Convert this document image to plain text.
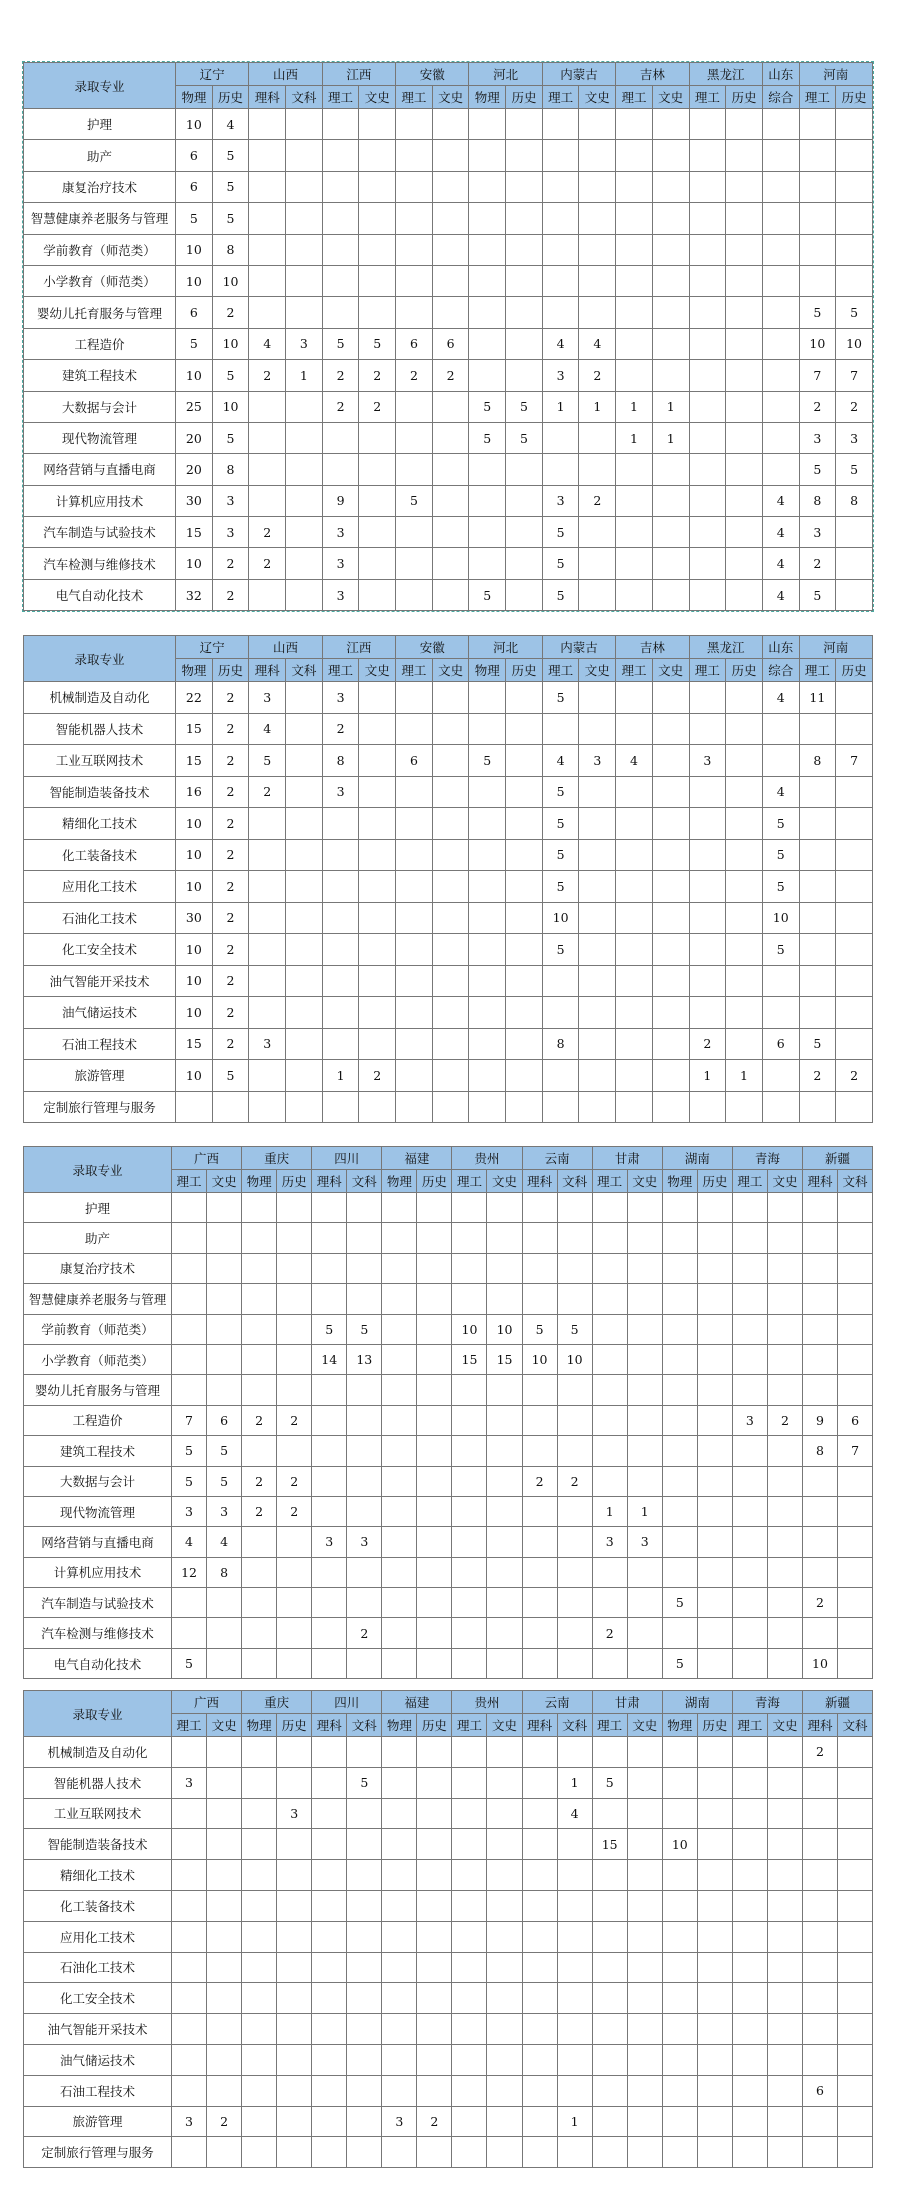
录取专业	辽宁		山西		江西		安徽		河北		内蒙古		吉林		黑龙江		山东	河南	
	物理	历史	理科	文科	理工	文史	理工	文史	物理	历史	理工	文史	理工	文史	理工	历史	综合	理工	历史
护理	10	4																	
助产	6	5																	
康复治疗技术	6	5																	
智慧健康养老服务与管理	5	5																	
学前教育（师范类）	10	8																	
小学教育（师范类）	10	10																	
婴幼儿托育服务与管理	6	2																5	5
工程造价	5	10	4	3	5	5	6	6			4	4						10	10
建筑工程技术	10	5	2	1	2	2	2	2			3	2						7	7
大数据与会计	25	10			2	2			5	5	1	1	1	1				2	2
现代物流管理	20	5							5	5			1	1				3	3
网络营销与直播电商	20	8																5	5
计算机应用技术	30	3			9		5				3	2					4	8	8
汽车制造与试验技术	15	3	2		3						5						4	3	
汽车检测与维修技术	10	2	2		3						5						4	2	
电气自动化技术	32	2			3				5		5						4	5	
录取专业	辽宁		山西		江西		安徽		河北		内蒙古		吉林		黑龙江		山东	河南	
	物理	历史	理科	文科	理工	文史	理工	文史	物理	历史	理工	文史	理工	文史	理工	历史	综合	理工	历史
机械制造及自动化	22	2	3		3						5						4	11	
智能机器人技术	15	2	4		2														
工业互联网技术	15	2	5		8		6		5		4	3	4		3			8	7
智能制造装备技术	16	2	2		3						5						4		
精细化工技术	10	2									5						5		
化工装备技术	10	2									5						5		
应用化工技术	10	2									5						5		
石油化工技术	30	2									10						10		
化工安全技术	10	2									5						5		
油气智能开采技术	10	2																	
油气储运技术	10	2																	
石油工程技术	15	2	3								8				2		6	5	
旅游管理	10	5			1	2									1	1		2	2
定制旅行管理与服务																			
录取专业	广西		重庆		四川		福建		贵州		云南		甘肃		湖南		青海		新疆	
	理工	文史	物理	历史	理科	文科	物理	历史	理工	文史	理科	文科	理工	文史	物理	历史	理工	文史	理科	文科
护理																				
助产																				
康复治疗技术																				
智慧健康养老服务与管理																				
学前教育（师范类）					5	5			10	10	5	5								
小学教育（师范类）					14	13			15	15	10	10								
婴幼儿托育服务与管理																				
工程造价	7	6	2	2													3	2	9	6
建筑工程技术	5	5																	8	7
大数据与会计	5	5	2	2							2	2								
现代物流管理	3	3	2	2									1	1						
网络营销与直播电商	4	4			3	3							3	3						
计算机应用技术	12	8																		
汽车制造与试验技术															5				2	
汽车检测与维修技术						2							2							
电气自动化技术	5														5				10	
录取专业	广西		重庆		四川		福建		贵州		云南		甘肃		湖南		青海		新疆	
	理工	文史	物理	历史	理科	文科	物理	历史	理工	文史	理科	文科	理工	文史	物理	历史	理工	文史	理科	文科
机械制造及自动化																			2	
智能机器人技术	3					5						1	5							
工业互联网技术				3								4								
智能制造装备技术													15		10					
精细化工技术																				
化工装备技术																				
应用化工技术																				
石油化工技术																				
化工安全技术																				
油气智能开采技术																				
油气储运技术																				
石油工程技术																			6	
旅游管理	3	2					3	2				1								
定制旅行管理与服务																				
